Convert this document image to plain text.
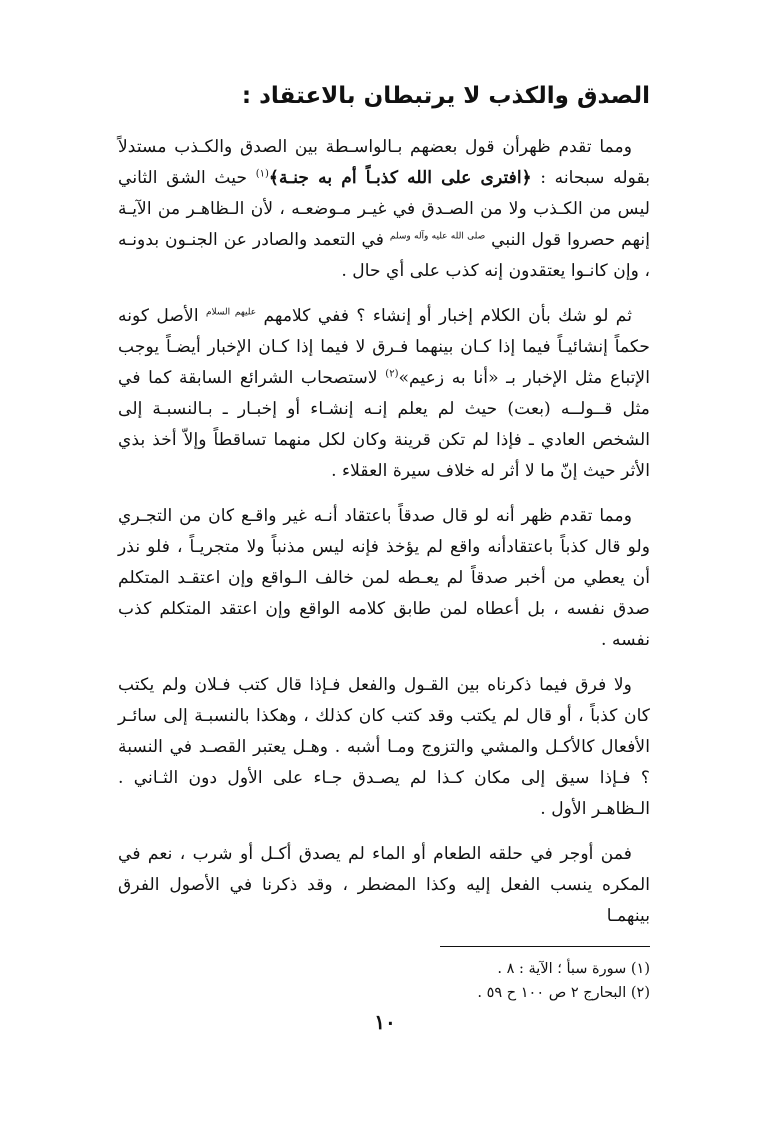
الصدق والكذب لا يرتبطان بالاعتقاد :

ومما تقدم ظهرأن قول بعضهم بـالواسـطة بين الصدق والكـذب مستدلاً بقوله سبحانه : ﴿افترى على الله كذبـاً أم به جنـة﴾$^{(١)}$ حيث الشق الثاني ليس من الكـذب ولا من الصـدق في غيـر مـوضعـه ، لأن الـظاهـر من الآيـة إنهم حصروا قول النبي $^{صلى الله عليه وآله وسلم}$ في التعمد والصادر عن الجنـون بدونـه ، وإن كانـوا يعتقدون إنه كذب على أي حال .

ثم لو شك بأن الكلام إخبار أو إنشاء ؟ ففي كلامهم $^{عليهم السلام}$ الأصل كونه حكماً إنشائيـاً فيما إذا كـان بينهما فـرق لا فيما إذا كـان الإخبار أيضـاً يوجب الإتباع مثل الإخبار بـ «أنا به زعيم»$^{(٢)}$ لاستصحاب الشرائع السابقة كما في مثل قــولــه (بعت) حيث لم يعلم إنـه إنشـاء أو إخبـار ـ بـالنسبـة إلى الشخص العادي ـ فإذا لم تكن قرينة وكان لكل منهما تساقطاً وإلاّ أخذ بذي الأثر حيث إنّ ما لا أثر له خلاف سيرة العقلاء .

ومما تقدم ظهر أنه لو قال صدقاً باعتقاد أنـه غير واقـع كان من التجـري ولو قال كذباً باعتقادأنه واقع لم يؤخذ فإنه ليس مذنباً ولا متجريـاً ، فلو نذر أن يعطي من أخبر صدقاً لم يعـطه لمن خالف الـواقع وإن اعتقـد المتكلم صدق نفسه ، بل أعطاه لمن طابق كلامه الواقع وإن اعتقد المتكلم كذب نفسه .

ولا فرق فيما ذكرناه بين القـول والفعل فـإذا قال كتب فـلان ولم يكتب كان كذباً ، أو قال لم يكتب وقد كتب كان كذلك ، وهكذا بالنسبـة إلى سائـر الأفعال كالأكـل والمشي والتزوج ومـا أشبه . وهـل يعتبر القصـد في النسبة ؟ فـإذا سيق إلى مكان كـذا لم يصـدق جـاء على الأول دون الثـاني . الـظاهـر الأول .

فمن أوجر في حلقه الطعام أو الماء لم يصدق أكـل أو شرب ، نعم في المكره ينسب الفعل إليه وكذا المضطر ، وقد ذكرنا في الأصول الفرق بينهمـا

(١) سورة سبأ ؛ الآية : ٨ .

(٢) البحارج ٢ ص ١٠٠ ح ٥٩ .

١٠
